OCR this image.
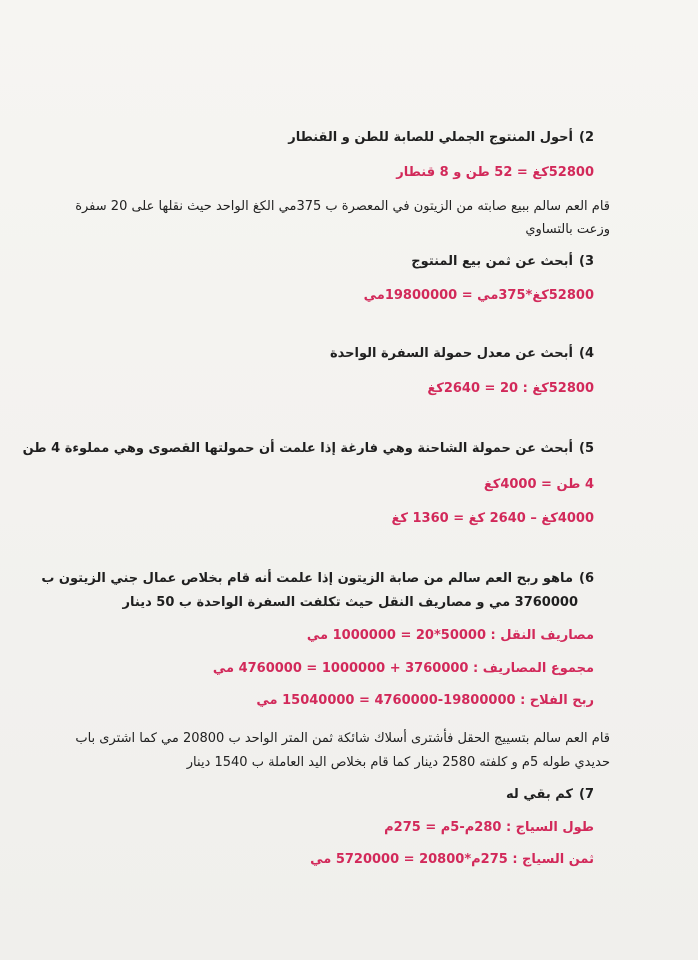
2)أحول المنتوج الجملي للصابة للطن و القنطار
52800كغ = 52 طن و 8 قنطار
قام العم سالم ببيع صابته من الزيتون في المعصرة ب 375مي الكغ الواحد حيث نقلها على 20 سفرة
وزعت بالتساوي
3)أبحث عن ثمن بيع المنتوج
52800كغ*375مي = 19800000مي
4)أبحث عن معدل حمولة السفرة الواحدة
52800كغ : 20 = 2640كغ
5)أبحث عن حمولة الشاحنة وهي فارغة إذا علمت أن حمولتها القصوى وهي مملوءة 4 طن
4 طن = 4000كغ
4000كغ – 2640 كغ = 1360 كغ
6)ماهو ربح العم سالم من صابة الزيتون إذا علمت أنه قام بخلاص عمال جني الزيتون ب
3760000 مي و مصاريف النقل حيث تكلفت السفرة الواحدة ب 50 دينار
مصاريف النقل : 50000*20 = 1000000 مي
مجموع المصاريف : 3760000 + 1000000 = 4760000 مي
ربح الفلاح : 19800000-4760000 = 15040000 مي
قام العم سالم بتسييج الحقل فأشترى أسلاك شائكة ثمن المتر الواحد ب 20800 مي كما اشترى باب
حديدي طوله 5م و كلفته 2580 دينار كما قام بخلاص اليد العاملة ب 1540 دينار
7)كم بقي له
طول السياج : 280م-5م = 275م
ثمن السياج : 275م*20800 = 5720000 مي
